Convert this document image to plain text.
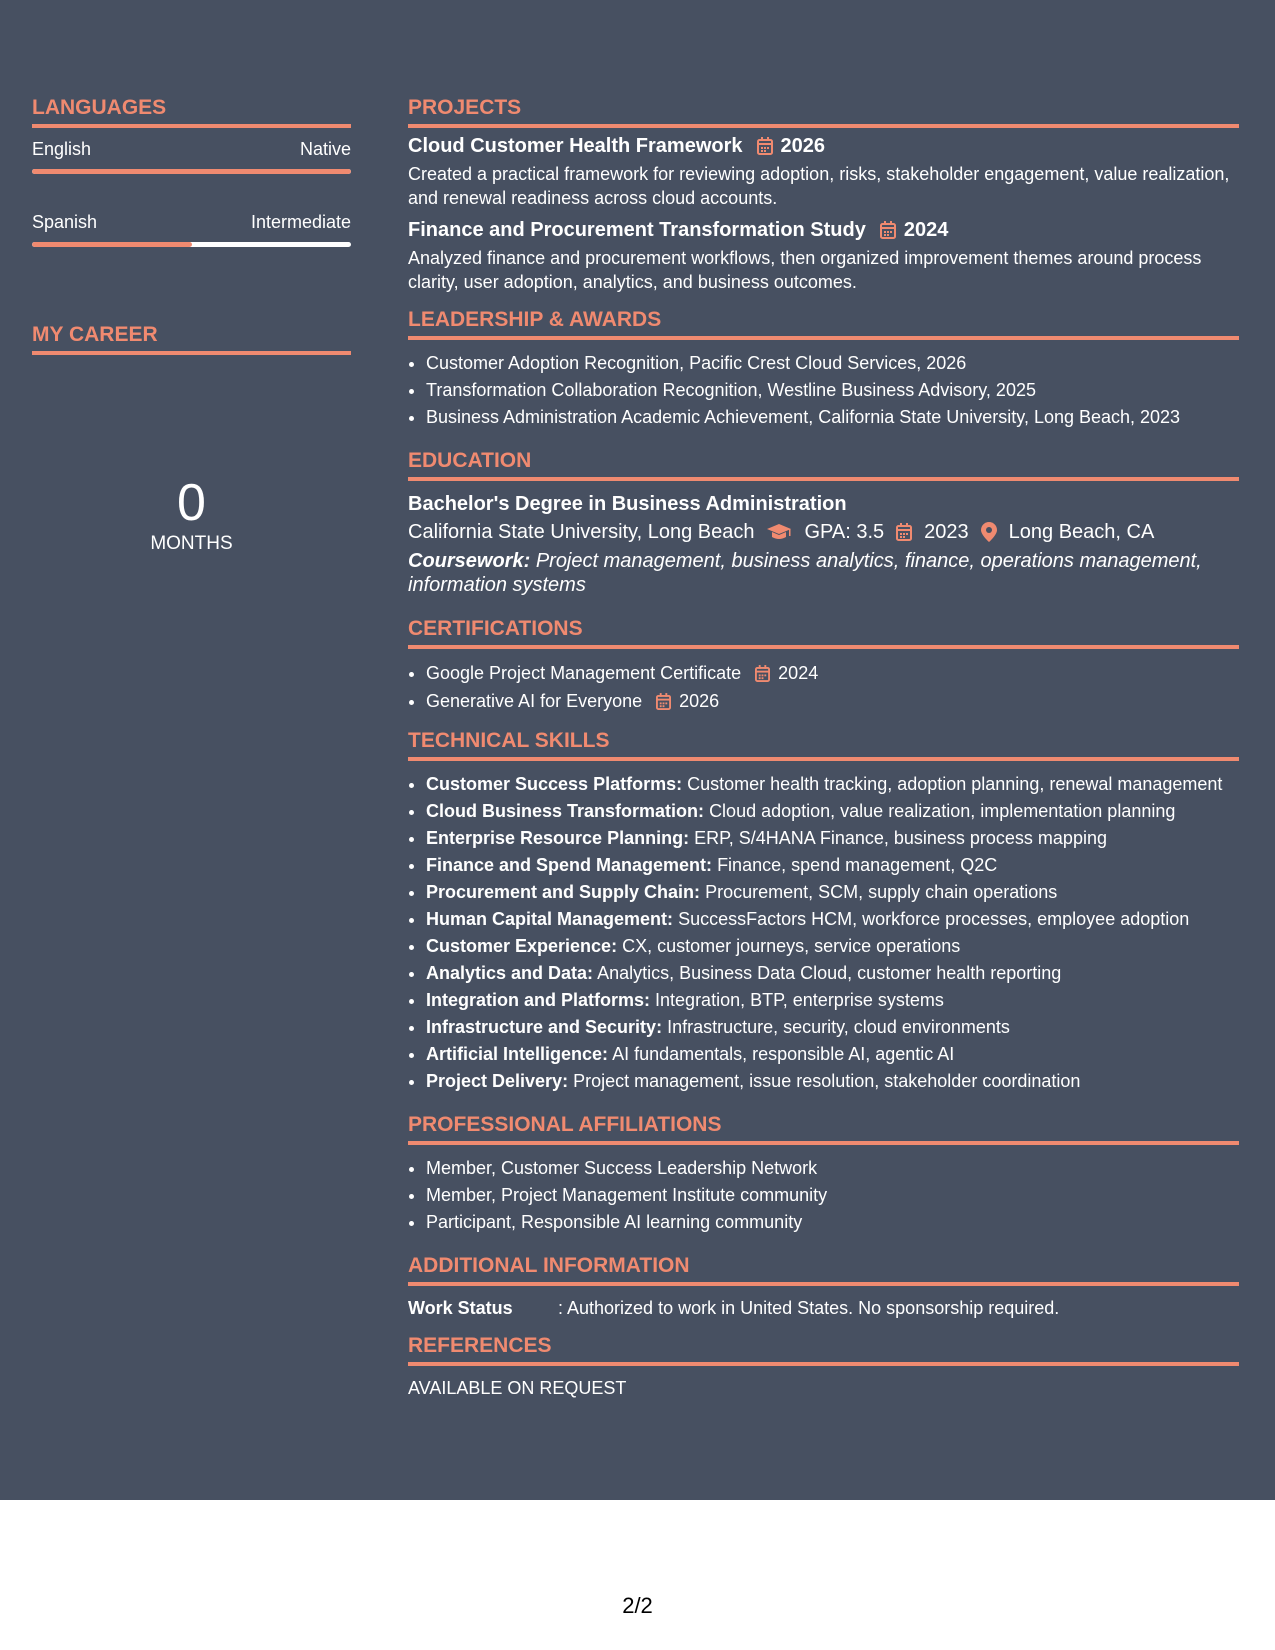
LANGUAGES
English	Native
Spanish	Intermediate
MY CAREER
0
MONTHS
PROJECTS
Cloud Customer Health Framework 2026
Created a practical framework for reviewing adoption, risks, stakeholder engagement, value realization, and renewal readiness across cloud accounts.
Finance and Procurement Transformation Study 2024
Analyzed finance and procurement workflows, then organized improvement themes around process clarity, user adoption, analytics, and business outcomes.
LEADERSHIP & AWARDS
• Customer Adoption Recognition, Pacific Crest Cloud Services, 2026
• Transformation Collaboration Recognition, Westline Business Advisory, 2025
• Business Administration Academic Achievement, California State University, Long Beach, 2023
EDUCATION
Bachelor's Degree in Business Administration
California State University, Long Beach	GPA: 3.5 2023 Long Beach, CA
Coursework: Project management, business analytics, finance, operations management, information systems
CERTIFICATIONS
• Google Project Management Certificate 2024
• Generative AI for Everyone 2026
TECHNICAL SKILLS
• Customer Success Platforms: Customer health tracking, adoption planning, renewal management
• Cloud Business Transformation: Cloud adoption, value realization, implementation planning
• Enterprise Resource Planning: ERP, S/4HANA Finance, business process mapping
• Finance and Spend Management: Finance, spend management, Q2C
• Procurement and Supply Chain: Procurement, SCM, supply chain operations
• Human Capital Management: SuccessFactors HCM, workforce processes, employee adoption
• Customer Experience: CX, customer journeys, service operations
• Analytics and Data: Analytics, Business Data Cloud, customer health reporting
• Integration and Platforms: Integration, BTP, enterprise systems
• Infrastructure and Security: Infrastructure, security, cloud environments
• Artificial Intelligence: AI fundamentals, responsible AI, agentic AI
• Project Delivery: Project management, issue resolution, stakeholder coordination
PROFESSIONAL AFFILIATIONS
• Member, Customer Success Leadership Network
• Member, Project Management Institute community
• Participant, Responsible AI learning community
ADDITIONAL INFORMATION
Work Status	: Authorized to work in United States. No sponsorship required.
REFERENCES
AVAILABLE ON REQUEST
2/2
